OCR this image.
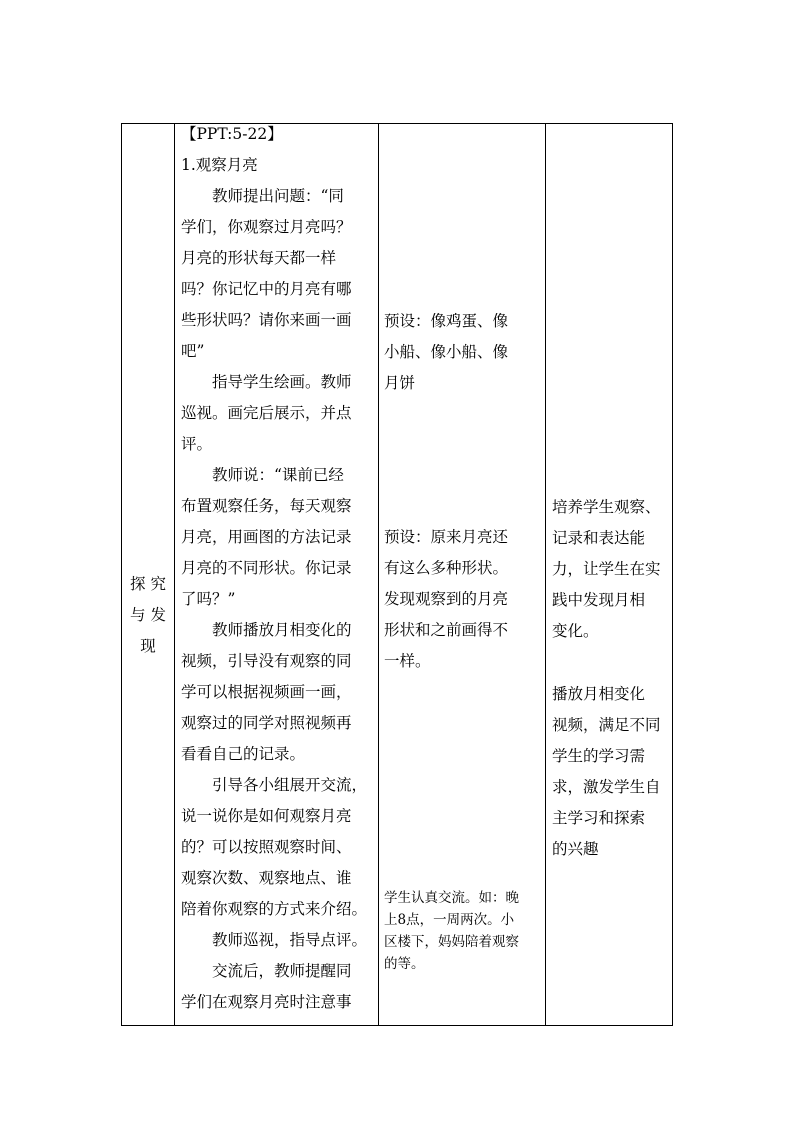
探 究
与 发
现
【PPT:5-22】
1.观察月亮
　　教师提出问题：“同
学们，你观察过月亮吗？
月亮的形状每天都一样
吗？你记忆中的月亮有哪
些形状吗？请你来画一画
吧”
　　指导学生绘画。教师
巡视。画完后展示，并点
评。
　　教师说：“课前已经
布置观察任务，每天观察
月亮，用画图的方法记录
月亮的不同形状。你记录
了吗？”
　　教师播放月相变化的
视频，引导没有观察的同
学可以根据视频画一画，
观察过的同学对照视频再
看看自己的记录。
　　引导各小组展开交流，
说一说你是如何观察月亮
的？可以按照观察时间、
观察次数、观察地点、谁
陪着你观察的方式来介绍。
　　教师巡视，指导点评。
　　交流后，教师提醒同
学们在观察月亮时注意事
预设：像鸡蛋、像
小船、像小船、像
月饼
预设：原来月亮还
有这么多种形状。
发现观察到的月亮
形状和之前画得不
一样。
学生认真交流。如：晚
上8点，一周两次。小
区楼下，妈妈陪着观察
的等。
培养学生观察、
记录和表达能
力，让学生在实
践中发现月相
变化。
播放月相变化
视频，满足不同
学生的学习需
求，激发学生自
主学习和探索
的兴趣
